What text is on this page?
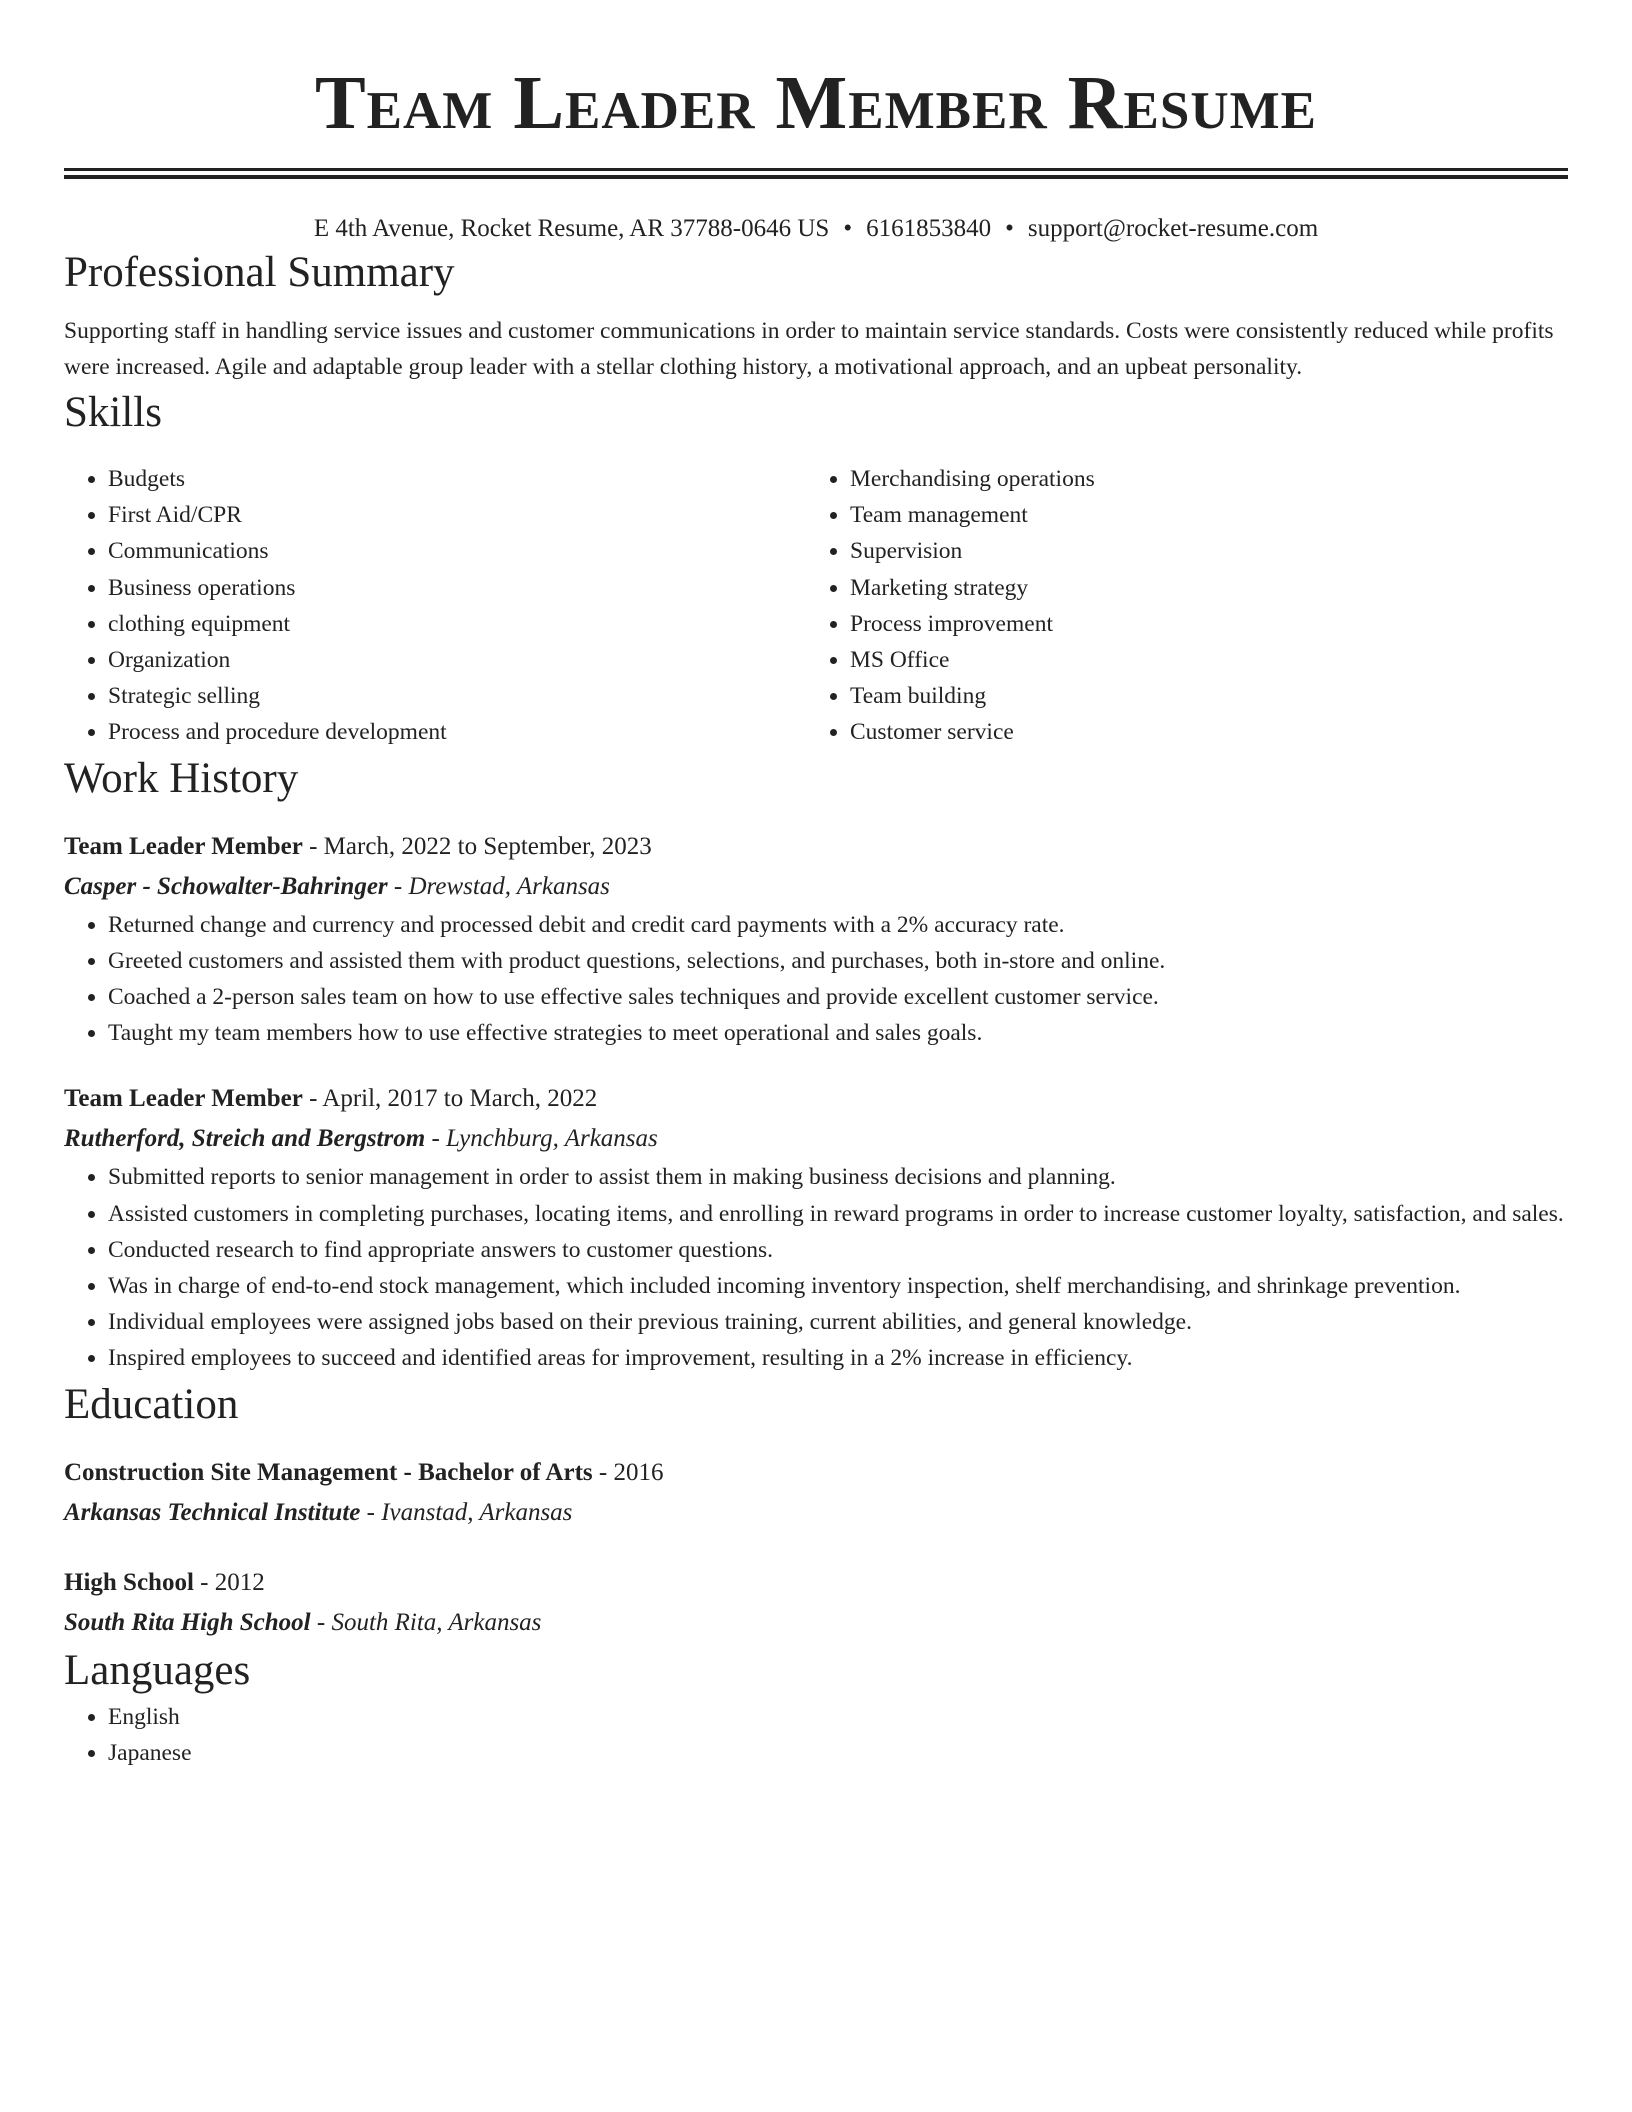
Team Leader Member Resume
E 4th Avenue, Rocket Resume, AR 37788-0646 US • 6161853840 • support@rocket-resume.com
Professional Summary

Supporting staff in handling service issues and customer communications in order to maintain service standards. Costs were consistently reduced while profits were increased. Agile and adaptable group leader with a stellar clothing history, a motivational approach, and an upbeat personality.

Skills
• Budgets
• First Aid/CPR
• Communications
• Business operations
• clothing equipment
• Organization
• Strategic selling
• Process and procedure development
• Merchandising operations
• Team management
• Supervision
• Marketing strategy
• Process improvement
• MS Office
• Team building
• Customer service
Work History
Team Leader Member - March, 2022 to September, 2023
Casper - Schowalter-Bahringer - Drewstad, Arkansas
• Returned change and currency and processed debit and credit card payments with a 2% accuracy rate.
• Greeted customers and assisted them with product questions, selections, and purchases, both in-store and online.
• Coached a 2-person sales team on how to use effective sales techniques and provide excellent customer service.
• Taught my team members how to use effective strategies to meet operational and sales goals.
Team Leader Member - April, 2017 to March, 2022
Rutherford, Streich and Bergstrom - Lynchburg, Arkansas
• Submitted reports to senior management in order to assist them in making business decisions and planning.
• Assisted customers in completing purchases, locating items, and enrolling in reward programs in order to increase customer loyalty, satisfaction, and sales.
• Conducted research to find appropriate answers to customer questions.
• Was in charge of end-to-end stock management, which included incoming inventory inspection, shelf merchandising, and shrinkage prevention.
• Individual employees were assigned jobs based on their previous training, current abilities, and general knowledge.
• Inspired employees to succeed and identified areas for improvement, resulting in a 2% increase in efficiency.
Education
Construction Site Management - Bachelor of Arts - 2016
Arkansas Technical Institute - Ivanstad, Arkansas
High School - 2012
South Rita High School - South Rita, Arkansas
Languages
• English
• Japanese
